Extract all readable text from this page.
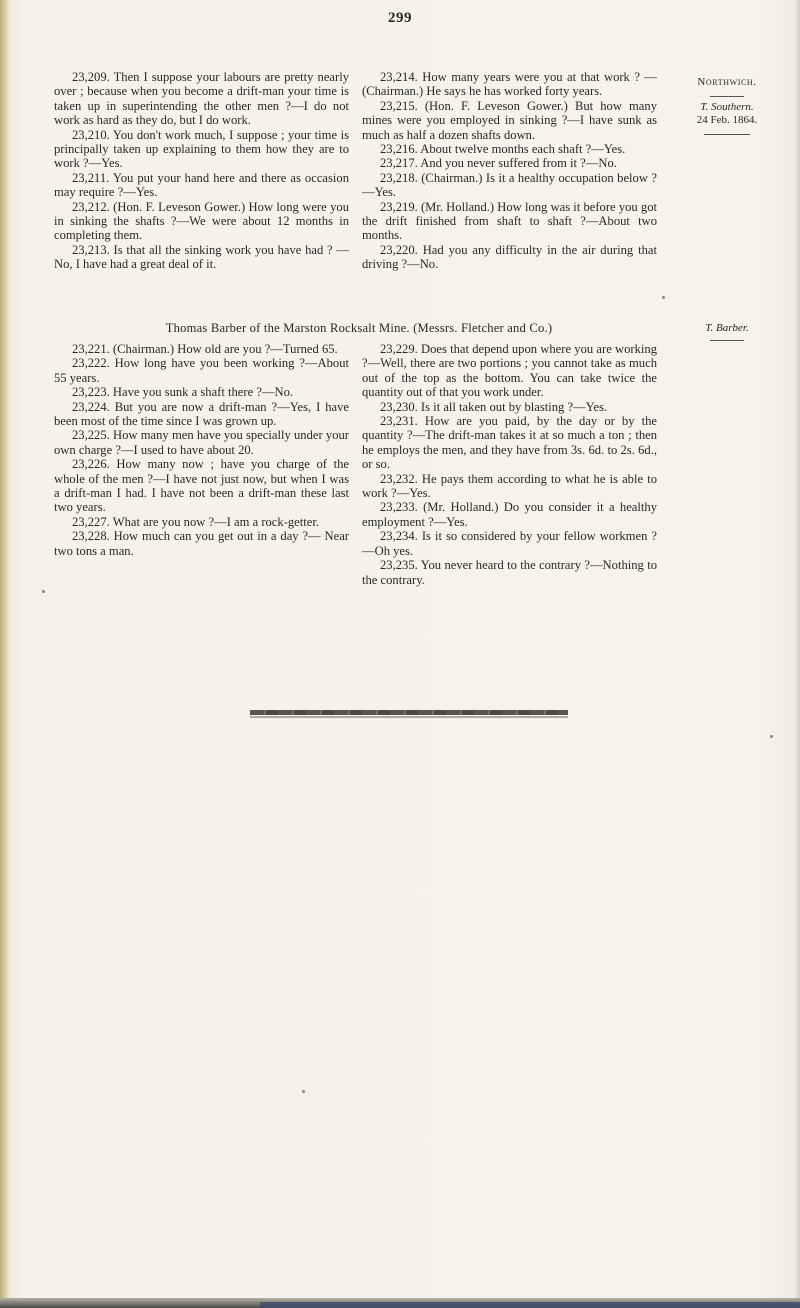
299

23,209. Then I suppose your labours are pretty nearly over ; because when you become a drift-man your time is taken up in superintending the other men ?—I do not work as hard as they do, but I do work.

23,210. You don't work much, I suppose ; your time is principally taken up explaining to them how they are to work ?—Yes.

23,211. You put your hand here and there as occasion may require ?—Yes.

23,212. (Hon. F. Leveson Gower.) How long were you in sinking the shafts ?—We were about 12 months in completing them.

23,213. Is that all the sinking work you have had ? —No, I have had a great deal of it.

23,214. How many years were you at that work ? —(Chairman.) He says he has worked forty years.

23,215. (Hon. F. Leveson Gower.) But how many mines were you employed in sinking ?—I have sunk as much as half a dozen shafts down.

23,216. About twelve months each shaft ?—Yes.

23,217. And you never suffered from it ?—No.

23,218. (Chairman.) Is it a healthy occupation below ?—Yes.

23,219. (Mr. Holland.) How long was it before you got the drift finished from shaft to shaft ?—About two months.

23,220. Had you any difficulty in the air during that driving ?—No.

Northwich.
T. Southern.
24 Feb. 1864.
Thomas Barber of the Marston Rocksalt Mine. (Messrs. Fletcher and Co.)	T. Barber.

23,221. (Chairman.) How old are you ?—Turned 65.

23,222. How long have you been working ?—About 55 years.

23,223. Have you sunk a shaft there ?—No.

23,224. But you are now a drift-man ?—Yes, I have been most of the time since I was grown up.

23,225. How many men have you specially under your own charge ?—I used to have about 20.

23,226. How many now ; have you charge of the whole of the men ?—I have not just now, but when I was a drift-man I had. I have not been a drift-man these last two years.

23,227. What are you now ?—I am a rock-getter.

23,228. How much can you get out in a day ?— Near two tons a man.

23,229. Does that depend upon where you are working ?—Well, there are two portions ; you cannot take as much out of the top as the bottom. You can take twice the quantity out of that you work under.

23,230. Is it all taken out by blasting ?—Yes.

23,231. How are you paid, by the day or by the quantity ?—The drift-man takes it at so much a ton ; then he employs the men, and they have from 3s. 6d. to 2s. 6d., or so.

23,232. He pays them according to what he is able to work ?—Yes.

23,233. (Mr. Holland.) Do you consider it a healthy employment ?—Yes.

23,234. Is it so considered by your fellow workmen ?—Oh yes.

23,235. You never heard to the contrary ?—Nothing to the contrary.
